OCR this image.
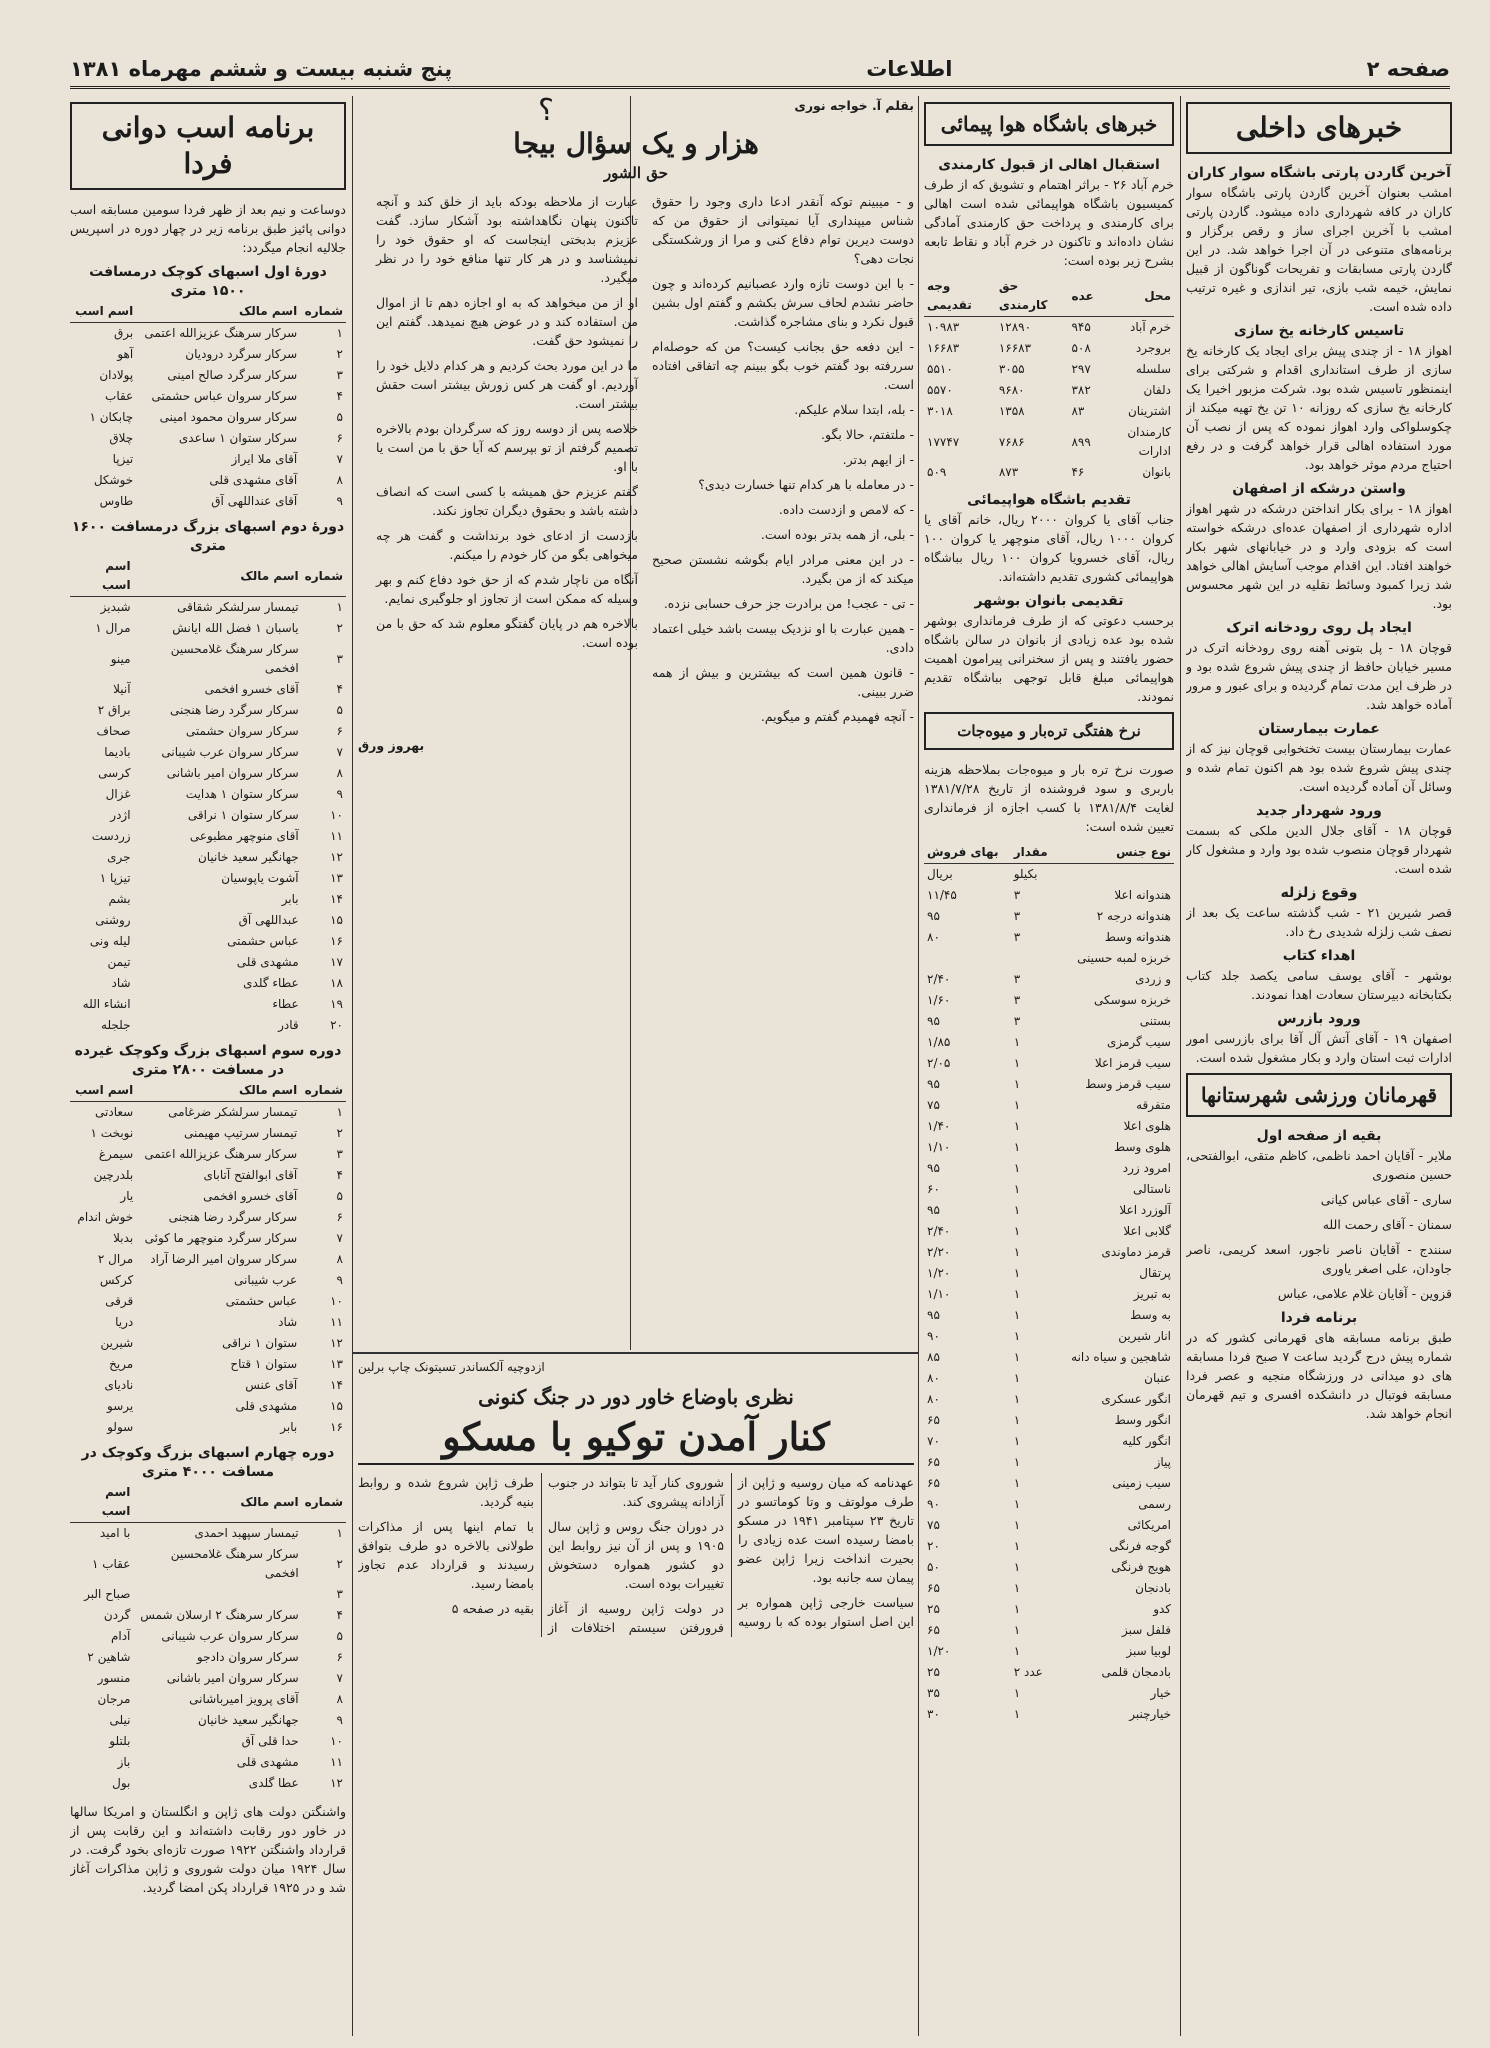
صفحه ۲
اطلاعات
پنج شنبه بیست و ششم مهرماه ۱۳۸۱
خبرهای داخلی
آخرین گاردن پارتی باشگاه سوار کاران

امشب بعنوان آخرین گاردن پارتی باشگاه سوار کاران در کافه شهرداری داده میشود. گاردن پارتی امشب با آخرین اجرای ساز و رقص برگزار و برنامه‌های متنوعی در آن اجرا خواهد شد. در این گاردن پارتی مسابقات و تفریحات گوناگون از قبیل نمایش، خیمه شب بازی، تیر اندازی و غیره ترتیب داده شده است.

تاسیس کارخانه یخ سازی

اهواز ۱۸ - از چندی پیش برای ایجاد یک کارخانه یخ سازی از طرف استانداری اقدام و شرکتی برای اینمنظور تاسیس شده بود. شرکت مزبور اخیرا یک کارخانه یخ سازی که روزانه ۱۰ تن یخ تهیه میکند از چکوسلواکی وارد اهواز نموده که پس از نصب آن مورد استفاده اهالی قرار خواهد گرفت و در رفع احتیاج مردم موثر خواهد بود.

واستن درشکه از اصفهان

اهواز ۱۸ - برای بکار انداختن درشکه در شهر اهواز اداره شهرداری از اصفهان عده‌ای درشکه خواسته است که بزودی وارد و در خیابانهای شهر بکار خواهند افتاد. این اقدام موجب آسایش اهالی خواهد شد زیرا کمبود وسائط نقلیه در این شهر محسوس بود.

ایجاد پل روی رودخانه اترک

قوچان ۱۸ - پل بتونی آهنه روی رودخانه اترک در مسیر خیابان حافظ از چندی پیش شروع شده بود و در ظرف این مدت تمام گردیده و برای عبور و مرور آماده خواهد شد.

عمارت بیمارستان

عمارت بیمارستان بیست تختخوابی قوچان نیز که از چندی پیش شروع شده بود هم اکنون تمام شده و وسائل آن آماده گردیده است.

ورود شهردار جدید

قوچان ۱۸ - آقای جلال الدین ملکی که بسمت شهردار قوچان منصوب شده بود وارد و مشغول کار شده است.

وقوع زلزله

قصر شیرین ۲۱ - شب گذشته ساعت یک بعد از نصف شب زلزله شدیدی رخ داد.

اهداء کتاب

بوشهر - آقای یوسف سامی یکصد جلد کتاب بکتابخانه دبیرستان سعادت اهدا نمودند.

ورود بازرس

اصفهان ۱۹ - آقای آتش آل آقا برای بازرسی امور ادارات ثبت استان وارد و بکار مشغول شده است.

قهرمانان ورزشی شهرستانها
بقیه از صفحه اول

ملایر - آقایان احمد ناظمی، کاظم متقی، ابوالفتحی، حسین منصوری

ساری - آقای عباس کیانی

سمنان - آقای رحمت الله

سنندج - آقایان ناصر ناجور، اسعد کریمی، ناصر جاودان، علی اصغر یاوری

قزوین - آقایان غلام علامی، عباس

برنامه فردا

طبق برنامه مسابقه های قهرمانی کشور که در شماره پیش درج گردید ساعت ۷ صبح فردا مسابقه های دو میدانی در ورزشگاه منجیه و عصر فردا مسابقه فوتبال در دانشکده افسری و تیم قهرمان انجام خواهد شد.

خبرهای باشگاه هوا پیمائی
استقبال اهالی از قبول کارمندی

خرم آباد ۲۶ - براثر اهتمام و تشویق که از طرف کمیسیون باشگاه هواپیمائی شده است اهالی برای کارمندی و پرداخت حق کارمندی آمادگی نشان داده‌اند و تاکنون در خرم آباد و نقاط تابعه بشرح زیر بوده است:

محل	عده	حق کارمندی	وجه تقدیمی
خرم آباد	۹۴۵	۱۲۸۹۰	۱۰۹۸۳
بروجرد	۵۰۸	۱۶۶۸۳	۱۶۶۸۳
سلسله	۲۹۷	۳۰۵۵	۵۵۱۰
دلفان	۳۸۲	۹۶۸۰	۵۵۷۰
اشترینان	۸۳	۱۳۵۸	۳۰۱۸
کارمندان ادارات	۸۹۹	۷۶۸۶	۱۷۷۴۷
بانوان	۴۶	۸۷۳	۵۰۹
تقدیم باشگاه هواپیمائی

جناب آقای یا کروان ۲۰۰۰ ریال، خانم آقای یا کروان ۱۰۰۰ ریال، آقای منوچهر یا کروان ۱۰۰ ریال، آقای خسرویا کروان ۱۰۰ ریال بباشگاه هواپیمائی کشوری تقدیم داشته‌اند.

تقدیمی بانوان بوشهر

برحسب دعوتی که از طرف فرمانداری بوشهر شده بود عده زیادی از بانوان در سالن باشگاه حضور یافتند و پس از سخنرانی پیرامون اهمیت هواپیمائی مبلغ قابل توجهی بباشگاه تقدیم نمودند.

نرخ هفتگی تره‌بار و میوه‌جات

صورت نرخ تره بار و میوه‌جات بملاحظه هزینه باربری و سود فروشنده از تاریخ ۱۳۸۱/۷/۲۸ لغایت ۱۳۸۱/۸/۴ با کسب اجازه از فرمانداری تعیین شده است:

نوع جنس	مقدار	بهای فروش
	بکیلو	بریال
هندوانه اعلا	۳	۱۱/۴۵
هندوانه درجه ۲	۳	۹۵
هندوانه وسط	۳	۸۰
خربزه لمبه حسینی		
و زردی	۳	۲/۴۰
خربزه سوسکی	۳	۱/۶۰
بستنی	۳	۹۵
سیب گرمزی	۱	۱/۸۵
سیب قرمز اعلا	۱	۲/۰۵
سیب قرمز وسط	۱	۹۵
متفرقه	۱	۷۵
هلوی اعلا	۱	۱/۴۰
هلوی وسط	۱	۱/۱۰
امرود زرد	۱	۹۵
ناستالی	۱	۶۰
آلوزرد اعلا	۱	۹۵
گلابی اعلا	۱	۲/۴۰
قرمز دماوندی	۱	۲/۲۰
پرتقال	۱	۱/۲۰
به تبریز	۱	۱/۱۰
به وسط	۱	۹۵
انار شیرین	۱	۹۰
شاهجین و سیاه دانه	۱	۸۵
عنبان	۱	۸۰
انگور عسکری	۱	۸۰
انگور وسط	۱	۶۵
انگور کلیه	۱	۷۰
پیاز	۱	۶۵
سیب زمینی	۱	۶۵
رسمی	۱	۹۰
امریکائی	۱	۷۵
گوجه فرنگی	۱	۲۰
هویج فرنگی	۱	۵۰
بادنجان	۱	۶۵
کدو	۱	۲۵
فلفل سبز	۱	۶۵
لوبیا سبز	۱	۱/۲۰
بادمجان قلمی	۲ عدد	۲۵
خیار	۱	۳۵
خیارچنبر	۱	۳۰
بقلم آ. خواجه نوری
؟
هزار و یک سؤال بیجا
حق الشور

و - میبینم توکه آنقدر ادعا داری وجود را حقوق شناس میپنداری آیا نمیتوانی از حقوق من که دوست دیرین توام دفاع کنی و مرا از ورشکستگی نجات دهی؟

- با این دوست تازه وارد عصبانیم کرده‌اند و چون حاضر نشدم لحاف سرش بکشم و گفتم اول بشین قبول نکرد و بنای مشاجره گذاشت.

- این دفعه حق بجانب کیست؟ من که حوصله‌ام سررفته بود گفتم خوب بگو ببینم چه اتفاقی افتاده است.

- بله، ابتدا سلام علیکم.

- ملتفتم، حالا بگو.

- از ایهم بدتر.

- در معامله با هر کدام تنها خسارت دیدی؟

- که لامص و ازدست داده.

- بلی، از همه بدتر بوده است.

- در این معنی مرادر ایام بگوشه نشستن صحیح میکند که از من بگیرد.

- تی - عجب! من برادرت جز حرف حسابی نزده.

- همین عبارت با او نزدیک بیست باشد خیلی اعتماد دادی.

- قانون همین است که بیشترین و بیش از همه ضرر ببینی.

- آنچه فهمیدم گفتم و میگویم.

عبارت از ملاحظه بودکه باید از خلق کند و آنچه تاکنون پنهان نگاهداشته بود آشکار سازد. گفت عزیزم بدبختی اینجاست که او حقوق خود را نمیشناسد و در هر کار تنها منافع خود را در نظر میگیرد.

او از من میخواهد که به او اجازه دهم تا از اموال من استفاده کند و در عوض هیچ نمیدهد. گفتم این را نمیشود حق گفت.

ما در این مورد بحث کردیم و هر کدام دلایل خود را آوردیم. او گفت هر کس زورش بیشتر است حقش بیشتر است.

خلاصه پس از دوسه روز که سرگردان بودم بالاخره تصمیم گرفتم از تو بپرسم که آیا حق با من است یا با او.

گفتم عزیزم حق همیشه با کسی است که انصاف داشته باشد و بحقوق دیگران تجاوز نکند.

بازدست از ادعای خود برنداشت و گفت هر چه میخواهی بگو من کار خودم را میکنم.

آنگاه من ناچار شدم که از حق خود دفاع کنم و بهر وسیله که ممکن است از تجاوز او جلوگیری نمایم.

بالاخره هم در پایان گفتگو معلوم شد که حق با من بوده است.

بهروز ورق
ازدوچیه آلکساندر تسیتونک چاپ برلین
نظری باوضاع خاور دور در جنگ کنونی
کنار آمدن توکیو با مسکو

عهدنامه که میان روسیه و ژاپن از طرف مولوتف و وتا کوماتسو در تاریخ ۲۳ سپتامبر ۱۹۴۱ در مسکو بامضا رسیده است عده زیادی را بحیرت انداخت زیرا ژاپن عضو پیمان سه جانبه بود.

سیاست خارجی ژاپن همواره بر این اصل استوار بوده که با روسیه شوروی کنار آید تا بتواند در جنوب آزادانه پیشروی کند.

در دوران جنگ روس و ژاپن سال ۱۹۰۵ و پس از آن نیز روابط این دو کشور همواره دستخوش تغییرات بوده است.

در دولت ژاپن روسیه از آغاز فرورفتن سیستم اختلافات از طرف ژاپن شروع شده و روابط بنیه گردید.

با تمام اینها پس از مذاکرات طولانی بالاخره دو طرف بتوافق رسیدند و قرارداد عدم تجاوز بامضا رسید.

بقیه در صفحه ۵

برنامه اسب دوانی فردا

دوساعت و نیم بعد از ظهر فردا سومین مسابقه اسب دوانی پائیز طبق برنامه زیر در چهار دوره در اسپریس جلالیه انجام میگردد:

دورهٔ اول اسبهای کوچک درمسافت ۱۵۰۰ متری
شماره	اسم مالک	اسم اسب
۱	سرکار سرهنگ عزیزالله اعتمی	برق
۲	سرکار سرگرد درودیان	آهو
۳	سرکار سرگرد صالح امینی	پولادان
۴	سرکار سروان عباس حشمتی	عقاب
۵	سرکار سروان محمود امینی	چابکان ۱
۶	سرکار ستوان ۱ ساعدی	چلاق
۷	آقای ملا ایراز	تیزپا
۸	آقای مشهدی قلی	خوشکل
۹	آقای عنداللهی آق	طاوس
دورهٔ دوم اسبهای بزرگ درمسافت ۱۶۰۰ متری
شماره	اسم مالک	اسم اسب
۱	تیمسار سرلشکر شقاقی	شبدیز
۲	یاسبان ۱ فضل الله ایانش	مرال ۱
۳	سرکار سرهنگ غلامحسین افخمی	مینو
۴	آقای خسرو افخمی	آنیلا
۵	سرکار سرگرد رضا هنجنی	براق ۲
۶	سرکار سروان حشمتی	صحاف
۷	سرکار سروان عرب شیبانی	بادیما
۸	سرکار سروان امیر باشانی	کرسی
۹	سرکار ستوان ۱ هدایت	غزال
۱۰	سرکار ستوان ۱ نراقی	اژدر
۱۱	آقای منوچهر مطبوعی	زردست
۱۲	جهانگیر سعید خانیان	جری
۱۳	آشوت یاپوسیان	تیزپا ۱
۱۴	بابر	بشم
۱۵	عبداللهی آق	روشنی
۱۶	عباس حشمتی	لیله ونی
۱۷	مشهدی قلی	تیمن
۱۸	عطاء گلدی	شاد
۱۹	عطاء	انشاء الله
۲۰	قادر	جلجله
دوره سوم اسبهای بزرگ وکوچک غیرده در مسافت ۲۸۰۰ متری
شماره	اسم مالک	اسم اسب
۱	تیمسار سرلشکر ضرغامی	سعادتی
۲	تیمسار سرتیپ مهیمنی	نوبخت ۱
۳	سرکار سرهنگ عزیزالله اعتمی	سیمرغ
۴	آقای ابوالفتح آتابای	بلدرچین
۵	آقای خسرو افخمی	یار
۶	سرکار سرگرد رضا هنجنی	خوش اندام
۷	سرکار سرگرد منوچهر ما کوئی	بدبلا
۸	سرکار سروان امیر الرضا آراد	مرال ۲
۹	عرب شیبانی	کرکس
۱۰	عباس حشمتی	قرقی
۱۱	شاد	دریا
۱۲	ستوان ۱ نراقی	شیرین
۱۳	ستوان ۱ قتاح	مریخ
۱۴	آقای عنس	نادیای
۱۵	مشهدی قلی	یرسو
۱۶	بابر	سولو
دوره چهارم اسبهای بزرگ وکوچک در مسافت ۴۰۰۰ متری
شماره	اسم مالک	اسم اسب
۱	تیمسار سپهبد احمدی	با امید
۲	سرکار سرهنگ غلامحسین افخمی	عقاب ۱
۳		صباح البر
۴	سرکار سرهنگ ۲ ارسلان شمس	گردن
۵	سرکار سروان عرب شیبانی	آدام
۶	سرکار سروان دادجو	شاهین ۲
۷	سرکار سروان امیر باشانی	منسور
۸	آقای پرویز امیرباشانی	مرجان
۹	جهانگیر سعید خانیان	نیلی
۱۰	حدا قلی آق	بلتلو
۱۱	مشهدی قلی	باز
۱۲	عطا گلدی	بول

واشنگتن دولت های ژاپن و انگلستان و امریکا سالها در خاور دور رقابت داشته‌اند و این رقابت پس از قرارداد واشنگتن ۱۹۲۲ صورت تازه‌ای بخود گرفت. در سال ۱۹۲۴ میان دولت شوروی و ژاپن مذاکرات آغاز شد و در ۱۹۲۵ قرارداد پکن امضا گردید.
